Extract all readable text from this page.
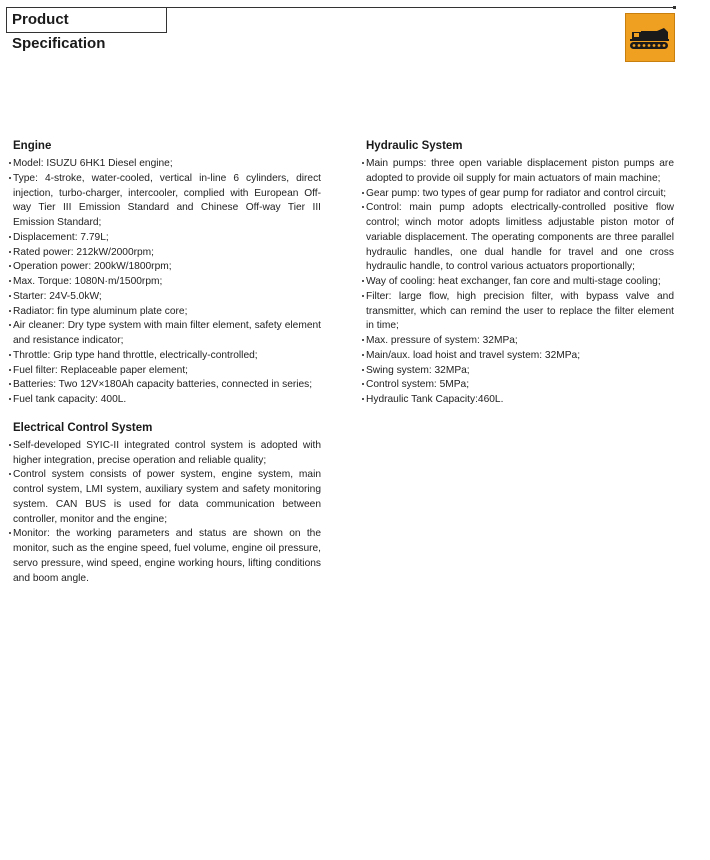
Product Specification
Engine
Model: ISUZU 6HK1 Diesel engine;
Type: 4-stroke, water-cooled, vertical in-line 6 cylinders, direct injection, turbo-charger, intercooler, complied with European Off-way Tier III Emission Standard and Chinese Off-way Tier III Emission Standard;
Displacement: 7.79L;
Rated power: 212kW/2000rpm;
Operation power: 200kW/1800rpm;
Max. Torque: 1080N·m/1500rpm;
Starter: 24V-5.0kW;
Radiator: fin type aluminum plate core;
Air cleaner: Dry type system with main filter element, safety element and resistance indicator;
Throttle: Grip type hand throttle, electrically-controlled;
Fuel filter: Replaceable paper element;
Batteries: Two 12V×180Ah capacity batteries, connected in series;
Fuel tank capacity: 400L.
Electrical Control System
Self-developed SYIC-II integrated control system is adopted with higher integration, precise operation and reliable quality;
Control system consists of power system, engine system, main control system, LMI system, auxiliary system and safety monitoring system. CAN BUS is used for data communication between controller, monitor and the engine;
Monitor: the working parameters and status are shown on the monitor, such as the engine speed, fuel volume, engine oil pressure, servo pressure, wind speed, engine working hours, lifting conditions and boom angle.
Hydraulic System
Main pumps: three open variable displacement piston pumps are adopted to provide oil supply for main actuators of main machine;
Gear pump: two types of gear pump for radiator and control circuit;
Control: main pump adopts electrically-controlled positive flow control; winch motor adopts limitless adjustable piston motor of variable displacement. The operating components are three parallel hydraulic handles, one dual handle for travel and one cross hydraulic handle, to control various actuators proportionally;
Way of cooling: heat exchanger, fan core and multi-stage cooling;
Filter: large flow, high precision filter, with bypass valve and transmitter, which can remind the user to replace the filter element in time;
Max. pressure of system: 32MPa;
Main/aux. load hoist and travel system: 32MPa;
Swing system: 32MPa;
Control system: 5MPa;
Hydraulic Tank Capacity:460L.
